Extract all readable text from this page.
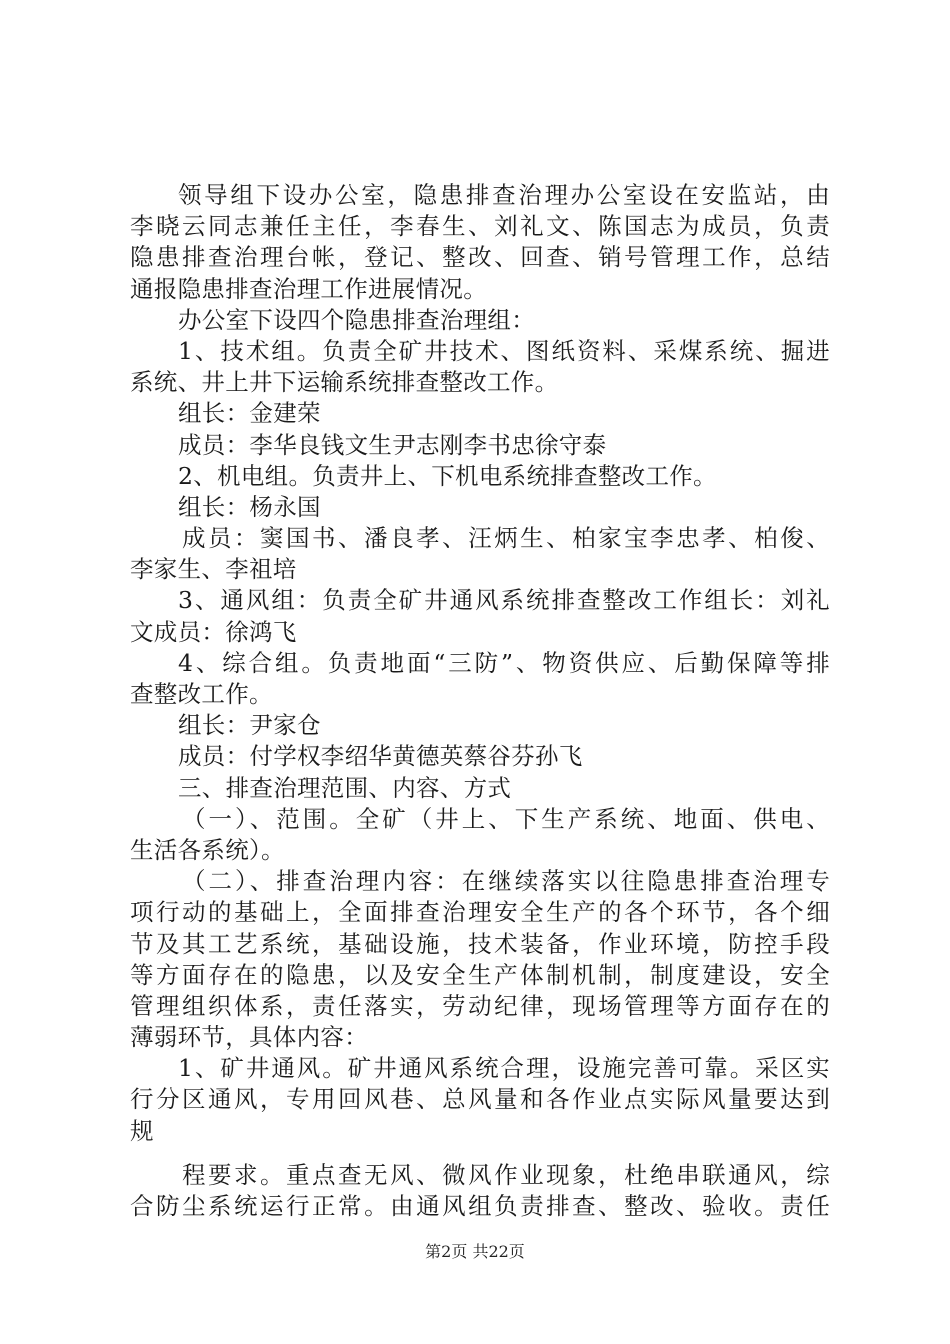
领导组下设办公室，隐患排查治理办公室设在安监站，由
李晓云同志兼任主任，李春生、刘礼文、陈国志为成员，负责
隐患排查治理台帐，登记、整改、回查、销号管理工作，总结
通报隐患排查治理工作进展情况。
办公室下设四个隐患排查治理组：
1、技术组。负责全矿井技术、图纸资料、采煤系统、掘进
系统、井上井下运输系统排查整改工作。
组长：金建荣
成员：李华良钱文生尹志刚李书忠徐守泰
2、机电组。负责井上、下机电系统排查整改工作。
组长：杨永国
成员：窦国书、潘良孝、汪炳生、柏家宝李忠孝、柏俊、
李家生、李祖培
3、通风组：负责全矿井通风系统排查整改工作组长：刘礼
文成员：徐鸿飞
4、综合组。负责地面“三防”、物资供应、后勤保障等排
查整改工作。
组长：尹家仓
成员：付学权李绍华黄德英蔡谷芬孙飞
三、排查治理范围、内容、方式
（一）、范围。全矿（井上、下生产系统、地面、供电、
生活各系统）。
（二）、排查治理内容：在继续落实以往隐患排查治理专
项行动的基础上，全面排查治理安全生产的各个环节，各个细
节及其工艺系统，基础设施，技术装备，作业环境，防控手段
等方面存在的隐患，以及安全生产体制机制，制度建设，安全
管理组织体系，责任落实，劳动纪律，现场管理等方面存在的
薄弱环节，具体内容：
1、矿井通风。矿井通风系统合理，设施完善可靠。采区实
行分区通风，专用回风巷、总风量和各作业点实际风量要达到
规
程要求。重点查无风、微风作业现象，杜绝串联通风，综
合防尘系统运行正常。由通风组负责排查、整改、验收。责任
第2页 共22页
